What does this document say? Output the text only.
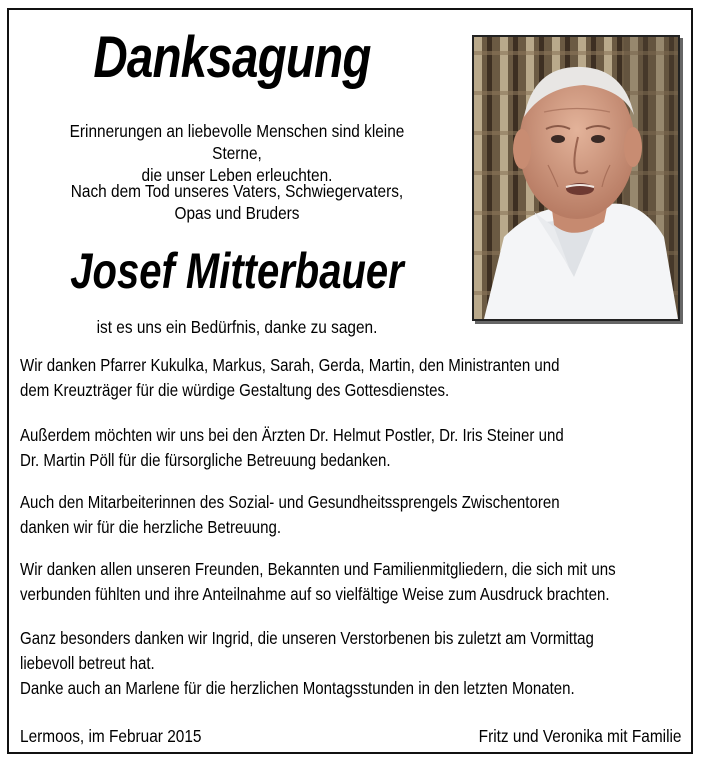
Danksagung
Erinnerungen an liebevolle Menschen sind kleine Sterne,
die unser Leben erleuchten.
Nach dem Tod unseres Vaters, Schwiegervaters,
Opas und Bruders
Josef Mitterbauer
ist es uns ein Bedürfnis, danke zu sagen.
Wir danken Pfarrer Kukulka, Markus, Sarah, Gerda, Martin, den Ministranten und
dem Kreuzträger für die würdige Gestaltung des Gottesdienstes.
Außerdem möchten wir uns bei den Ärzten Dr. Helmut Postler, Dr. Iris Steiner und
Dr. Martin Pöll für die fürsorgliche Betreuung bedanken.
Auch den Mitarbeiterinnen des Sozial- und Gesundheitssprengels Zwischentoren
danken wir für die herzliche Betreuung.
Wir danken allen unseren Freunden, Bekannten und Familienmitgliedern, die sich mit uns
verbunden fühlten und ihre Anteilnahme auf so vielfältige Weise zum Ausdruck brachten.
Ganz besonders danken wir Ingrid, die unseren Verstorbenen bis zuletzt am Vormittag
liebevoll betreut hat.
Danke auch an Marlene für die herzlichen Montagsstunden in den letzten Monaten.
Lermoos, im Februar 2015	Fritz und Veronika mit Familie
